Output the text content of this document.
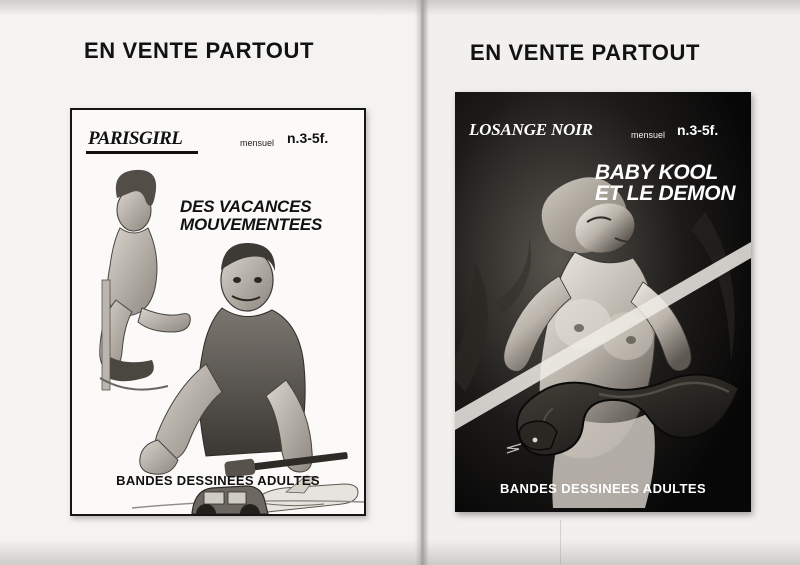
EN VENTE PARTOUT
PARISGIRL	mensuel n.3-5f.
DES VACANCES MOUVEMENTEES
BANDES DESSINEES ADULTES
EN VENTE PARTOUT
LOSANGE NOIR	mensuel n.3-5f.
BABY KOOL ET LE DEMON
BANDES DESSINEES ADULTES
